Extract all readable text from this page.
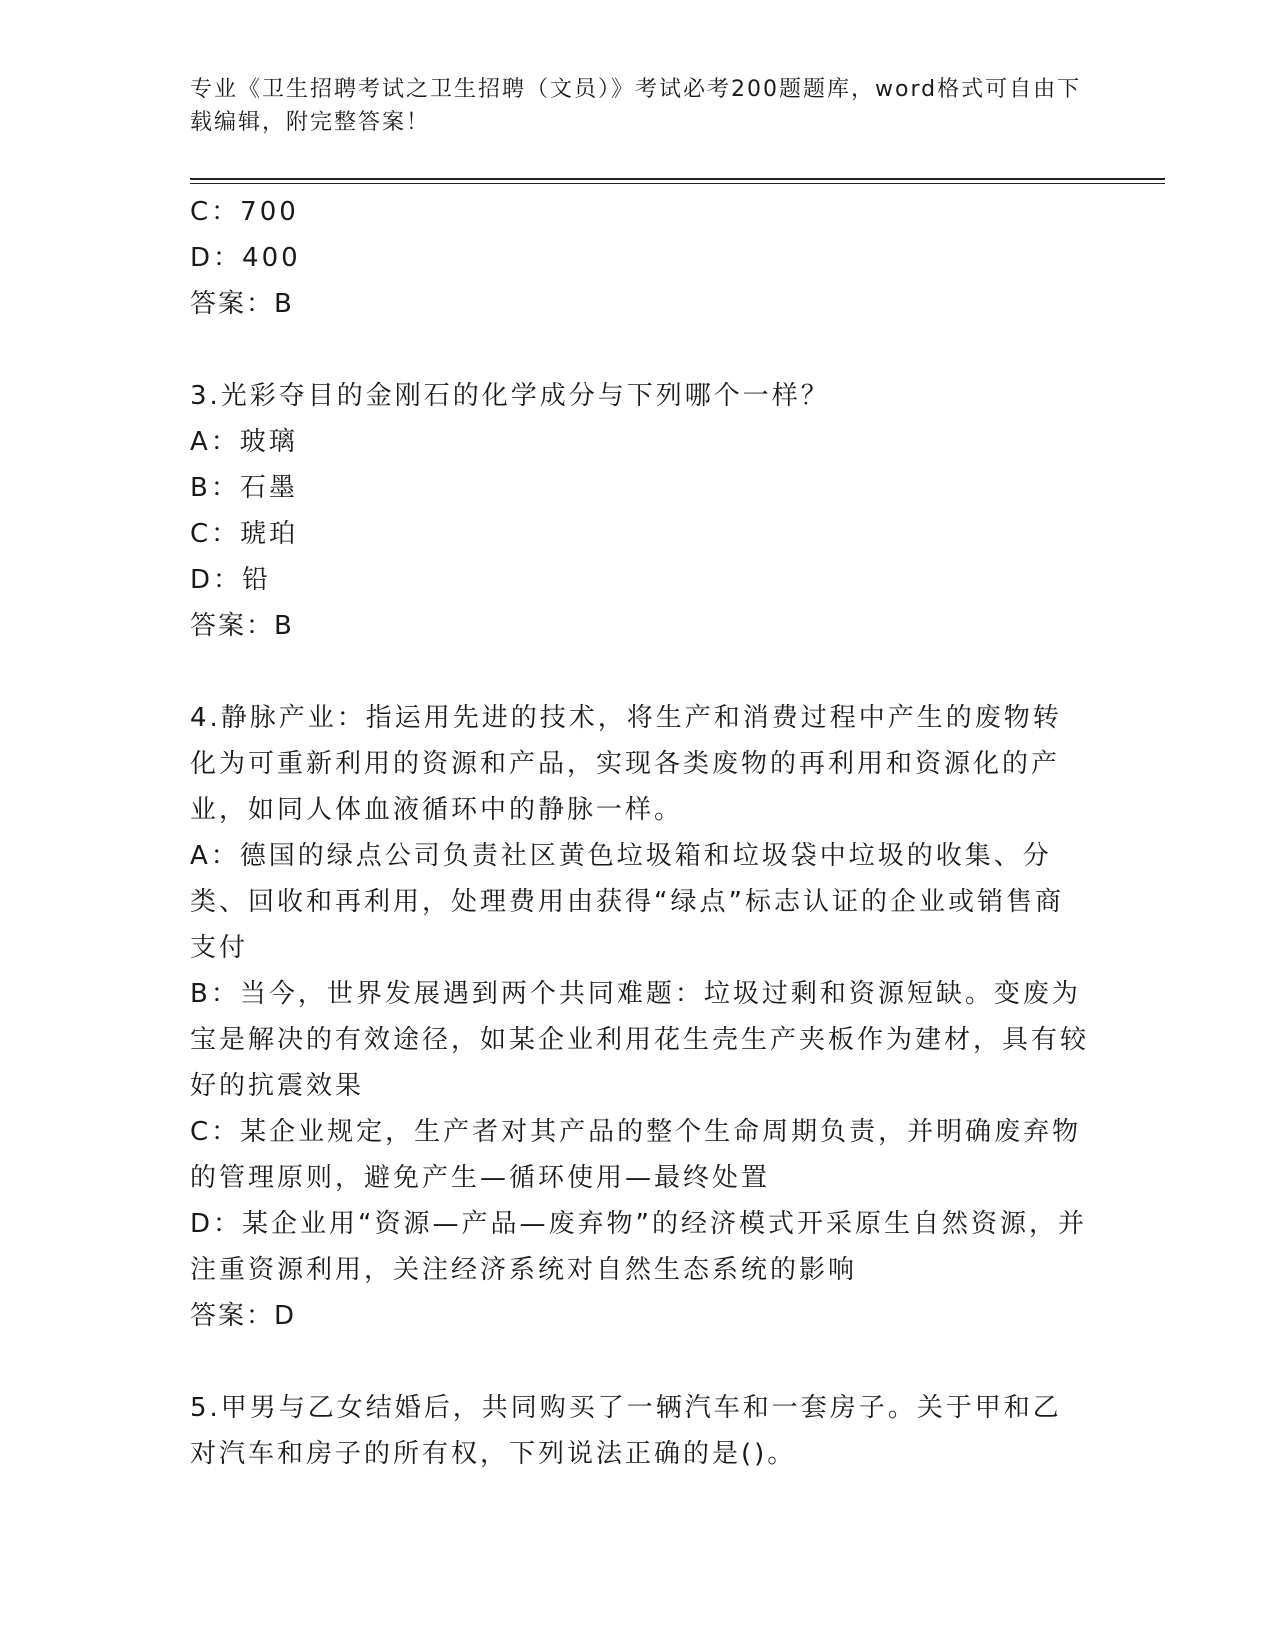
专业《卫生招聘考试之卫生招聘（文员）》考试必考200题题库，word格式可自由下载编辑，附完整答案！
C：700
D：400
答案：B
3.光彩夺目的金刚石的化学成分与下列哪个一样？
A：玻璃
B：石墨
C：琥珀
D：铅
答案：B
4.静脉产业：指运用先进的技术，将生产和消费过程中产生的废物转化为可重新利用的资源和产品，实现各类废物的再利用和资源化的产业，如同人体血液循环中的静脉一样。
A：德国的绿点公司负责社区黄色垃圾箱和垃圾袋中垃圾的收集、分类、回收和再利用，处理费用由获得“绿点”标志认证的企业或销售商支付
B：当今，世界发展遇到两个共同难题：垃圾过剩和资源短缺。变废为宝是解决的有效途径，如某企业利用花生壳生产夹板作为建材，具有较好的抗震效果
C：某企业规定，生产者对其产品的整个生命周期负责，并明确废弃物的管理原则，避免产生—循环使用—最终处置
D：某企业用“资源—产品—废弃物”的经济模式开采原生自然资源，并注重资源利用，关注经济系统对自然生态系统的影响
答案：D
5.甲男与乙女结婚后，共同购买了一辆汽车和一套房子。关于甲和乙对汽车和房子的所有权，下列说法正确的是()。
